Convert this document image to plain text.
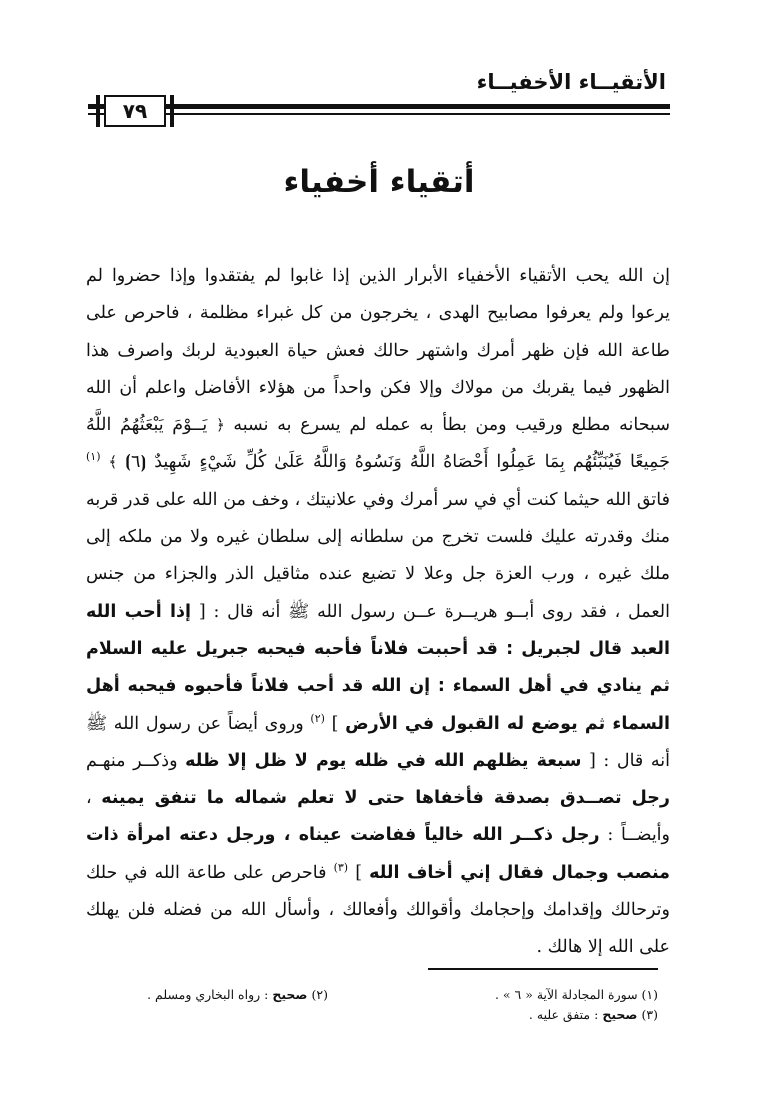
الأتقيــاء الأخفيــاء
٧٩
أتقياء أخفياء

إن الله يحب الأتقياء الأخفياء الأبرار الذين إذا غابوا لم يفتقدوا وإذا حضروا لم يرعوا ولم يعرفوا مصابيح الهدى ، يخرجون من كل غبراء مظلمة ، فاحرص على طاعة الله فإن ظهر أمرك واشتهر حالك فعش حياة العبودية لربك واصرف هذا الظهور فيما يقربك من مولاك وإلا فكن واحداً من هؤلاء الأفاضل واعلم أن الله سبحانه مطلع ورقيب ومن بطأ به عمله لم يسرع به نسبه ﴿ يَــوْمَ يَبْعَثُهُمُ اللَّهُ جَمِيعًا فَيُنَبِّئُهُم بِمَا عَمِلُوا أَحْصَاهُ اللَّهُ وَنَسُوهُ وَاللَّهُ عَلَىٰ كُلِّ شَيْءٍ شَهِيدٌ ⦗٦⦘ ﴾ $^{(١)}$ فاتق الله حيثما كنت أي في سر أمرك وفي علانيتك ، وخف من الله على قدر قربه منك وقدرته عليك فلست تخرج من سلطانه إلى سلطان غيره ولا من ملكه إلى ملك غيره ، ورب العزة جل وعلا لا تضيع عنده مثاقيل الذر والجزاء من جنس العمل ، فقد روى أبــو هريــرة عــن رسول الله ﷺ أنه قال : [ إذا أحب الله العبد قال لجبريل : قد أحببت فلاناً فأحبه فيحبه جبريل عليه السلام ثم ينادي في أهل السماء : إن الله قد أحب فلاناً فأحبوه فيحبه أهل السماء ثم يوضع له القبول في الأرض ] $^{(٢)}$ وروى أيضاً عن رسول الله ﷺ أنه قال : [ سبعة يظلهم الله في ظله يوم لا ظل إلا ظله وذكــر منهـم رجل تصــدق بصدقة فأخفاها حتى لا تعلم شماله ما تنفق يمينه ، وأيضــاً : رجل ذكــر الله خالياً ففاضت عيناه ، ورجل دعته امرأة ذات منصب وجمال فقال إني أخاف الله ] $^{(٣)}$ فاحرص على طاعة الله في حلك وترحالك وإقدامك وإحجامك وأقوالك وأفعالك ، وأسأل الله من فضله فلن يهلك على الله إلا هالك .

(١) سورة المجادلة الآية « ٦ » .
(٢) صحيح : رواه البخاري ومسلم .
(٣) صحيح : متفق عليه .
